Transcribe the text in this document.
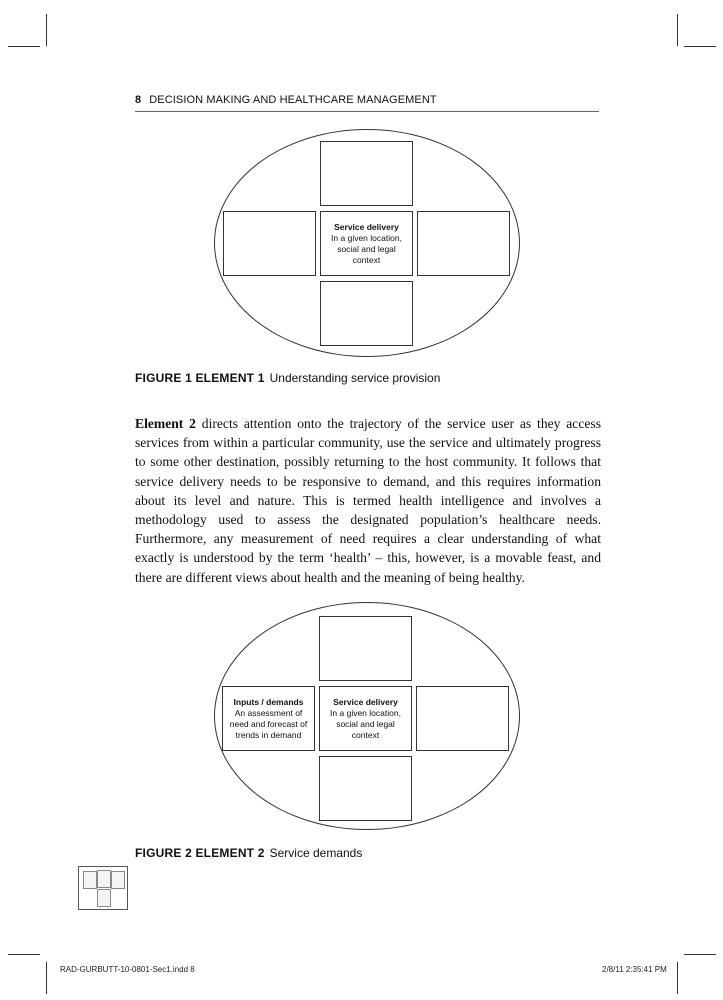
8 DECISION MAKING AND HEALTHCARE MANAGEMENT
Service delivery
In a given location, social and legal context
FIGURE 1 ELEMENT 1 Understanding service provision
Element 2 directs attention onto the trajectory of the service user as they access services from within a particular community, use the service and ultimately progress to some other destination, possibly returning to the host community. It follows that service delivery needs to be responsive to demand, and this requires information about its level and nature. This is termed health intelligence and involves a methodology used to assess the designated population’s healthcare needs. Furthermore, any measurement of need requires a clear understanding of what exactly is understood by the term ‘health’ – this, however, is a movable feast, and there are different views about health and the meaning of being healthy.
Inputs / demands
An assessment of need and forecast of trends in demand
Service delivery
In a given location, social and legal context
FIGURE 2 ELEMENT 2 Service demands
RAD-GURBUTT-10-0801-Sec1.indd 8	2/8/11 2:35:41 PM
